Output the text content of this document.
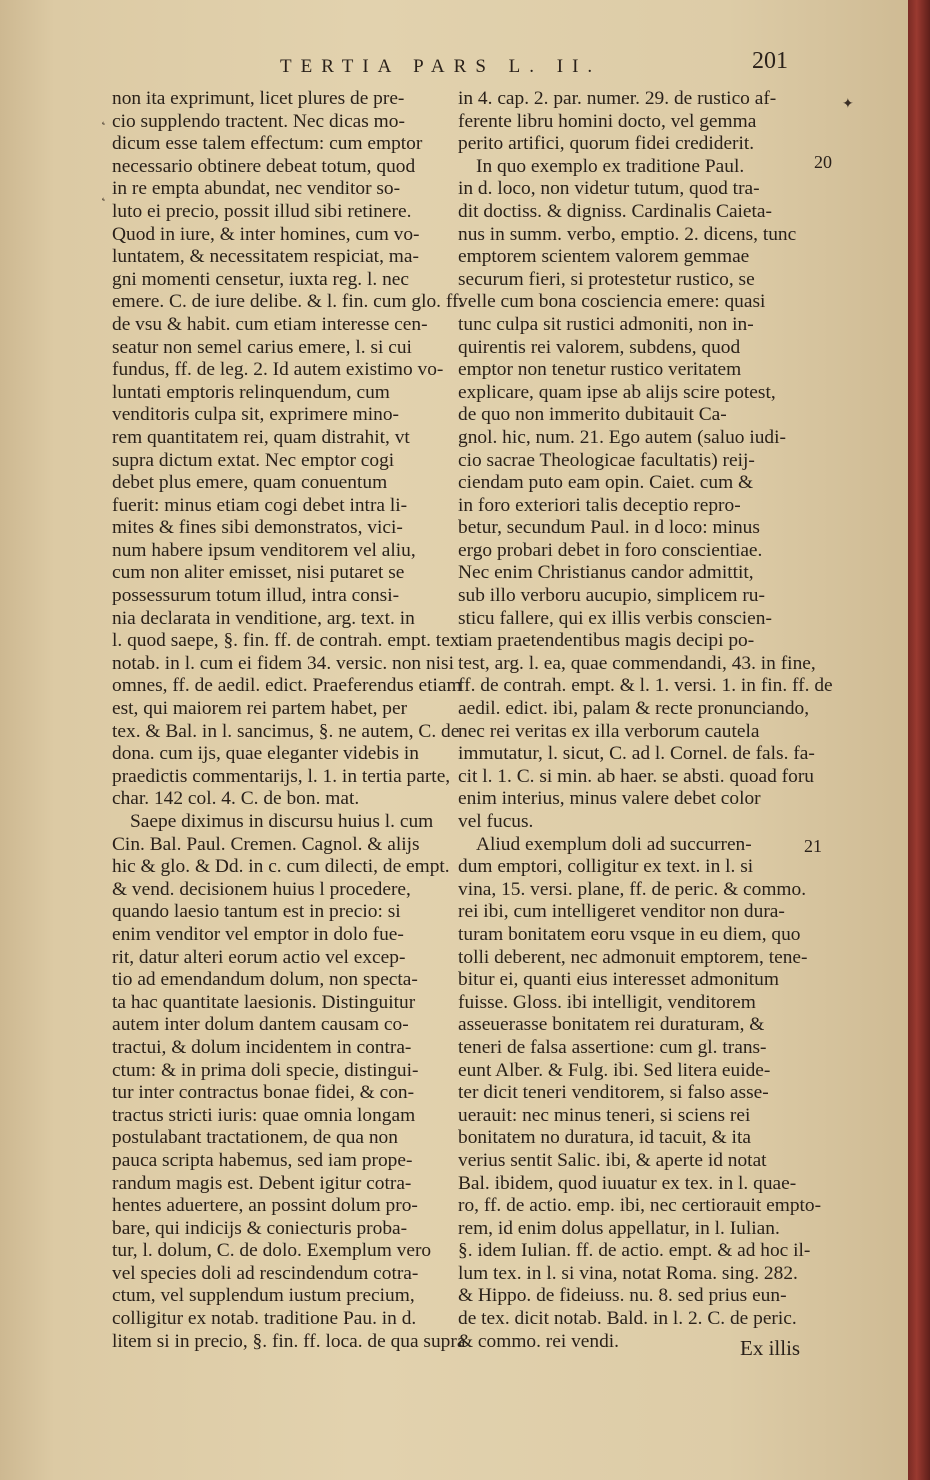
TERTIA PARS L. II.	201
non ita exprimunt, licet plures de pre-
cio supplendo tractent. Nec dicas mo-
dicum esse talem effectum: cum emptor
necessario obtinere debeat totum, quod
in re empta abundat, nec venditor so-
luto ei precio, possit illud sibi retinere.
Quod in iure, & inter homines, cum vo-
luntatem, & necessitatem respiciat, ma-
gni momenti censetur, iuxta reg. l. nec
emere. C. de iure delibe. & l. fin. cum glo. ff.
de vsu & habit. cum etiam interesse cen-
seatur non semel carius emere, l. si cui
fundus, ff. de leg. 2. Id autem existimo vo-
luntati emptoris relinquendum, cum
venditoris culpa sit, exprimere mino-
rem quantitatem rei, quam distrahit, vt
supra dictum extat. Nec emptor cogi
debet plus emere, quam conuentum
fuerit: minus etiam cogi debet intra li-
mites & fines sibi demonstratos, vici-
num habere ipsum venditorem vel aliu,
cum non aliter emisset, nisi putaret se
possessurum totum illud, intra consi-
nia declarata in venditione, arg. text. in
l. quod saepe, §. fin. ff. de contrah. empt. tex.
notab. in l. cum ei fidem 34. versic. non nisi
omnes, ff. de aedil. edict. Praeferendus etiam
est, qui maiorem rei partem habet, per
tex. & Bal. in l. sancimus, §. ne autem, C. de
dona. cum ijs, quae eleganter videbis in
praedictis commentarijs, l. 1. in tertia parte,
char. 142 col. 4. C. de bon. mat.
Saepe diximus in discursu huius l. cum
Cin. Bal. Paul. Cremen. Cagnol. & alijs
hic & glo. & Dd. in c. cum dilecti, de empt.
& vend. decisionem huius l procedere,
quando laesio tantum est in precio: si
enim venditor vel emptor in dolo fue-
rit, datur alteri eorum actio vel excep-
tio ad emendandum dolum, non specta-
ta hac quantitate laesionis. Distinguitur
autem inter dolum dantem causam co-
tractui, & dolum incidentem in contra-
ctum: & in prima doli specie, distingui-
tur inter contractus bonae fidei, & con-
tractus stricti iuris: quae omnia longam
postulabant tractationem, de qua non
pauca scripta habemus, sed iam prope-
randum magis est. Debent igitur cotra-
hentes aduertere, an possint dolum pro-
bare, qui indicijs & coniecturis proba-
tur, l. dolum, C. de dolo. Exemplum vero
vel species doli ad rescindendum cotra-
ctum, vel supplendum iustum precium,
colligitur ex notab. traditione Pau. in d.
litem si in precio, §. fin. ff. loca. de qua supra
in 4. cap. 2. par. numer. 29. de rustico af-
ferente libru homini docto, vel gemma
perito artifici, quorum fidei crediderit.
In quo exemplo ex traditione Paul.
in d. loco, non videtur tutum, quod tra-
dit doctiss. & digniss. Cardinalis Caieta-
nus in summ. verbo, emptio. 2. dicens, tunc
emptorem scientem valorem gemmae
securum fieri, si protestetur rustico, se
velle cum bona cosciencia emere: quasi
tunc culpa sit rustici admoniti, non in-
quirentis rei valorem, subdens, quod
emptor non tenetur rustico veritatem
explicare, quam ipse ab alijs scire potest,
de quo non immerito dubitauit Ca-
gnol. hic, num. 21. Ego autem (saluo iudi-
cio sacrae Theologicae facultatis) reij-
ciendam puto eam opin. Caiet. cum &
in foro exteriori talis deceptio repro-
betur, secundum Paul. in d loco: minus
ergo probari debet in foro conscientiae.
Nec enim Christianus candor admittit,
sub illo verboru aucupio, simplicem ru-
sticu fallere, qui ex illis verbis conscien-
tiam praetendentibus magis decipi po-
test, arg. l. ea, quae commendandi, 43. in fine,
ff. de contrah. empt. & l. 1. versi. 1. in fin. ff. de
aedil. edict. ibi, palam & recte pronunciando,
nec rei veritas ex illa verborum cautela
immutatur, l. sicut, C. ad l. Cornel. de fals. fa-
cit l. 1. C. si min. ab haer. se absti. quoad foru
enim interius, minus valere debet color
vel fucus.
Aliud exemplum doli ad succurren-
dum emptori, colligitur ex text. in l. si
vina, 15. versi. plane, ff. de peric. & commo.
rei ibi, cum intelligeret venditor non dura-
turam bonitatem eoru vsque in eu diem, quo
tolli deberent, nec admonuit emptorem, tene-
bitur ei, quanti eius interesset admonitum
fuisse. Gloss. ibi intelligit, venditorem
asseuerasse bonitatem rei duraturam, &
teneri de falsa assertione: cum gl. trans-
eunt Alber. & Fulg. ibi. Sed litera euide-
ter dicit teneri venditorem, si falso asse-
uerauit: nec minus teneri, si sciens rei
bonitatem no duratura, id tacuit, & ita
verius sentit Salic. ibi, & aperte id notat
Bal. ibidem, quod iuuatur ex tex. in l. quae-
ro, ff. de actio. emp. ibi, nec certiorauit empto-
rem, id enim dolus appellatur, in l. Iulian.
§. idem Iulian. ff. de actio. empt. & ad hoc il-
lum tex. in l. si vina, notat Roma. sing. 282.
& Hippo. de fideiuss. nu. 8. sed prius eun-
de tex. dicit notab. Bald. in l. 2. C. de peric.
& commo. rei vendi.
20
21
Ex illis
✦
˛
˛
